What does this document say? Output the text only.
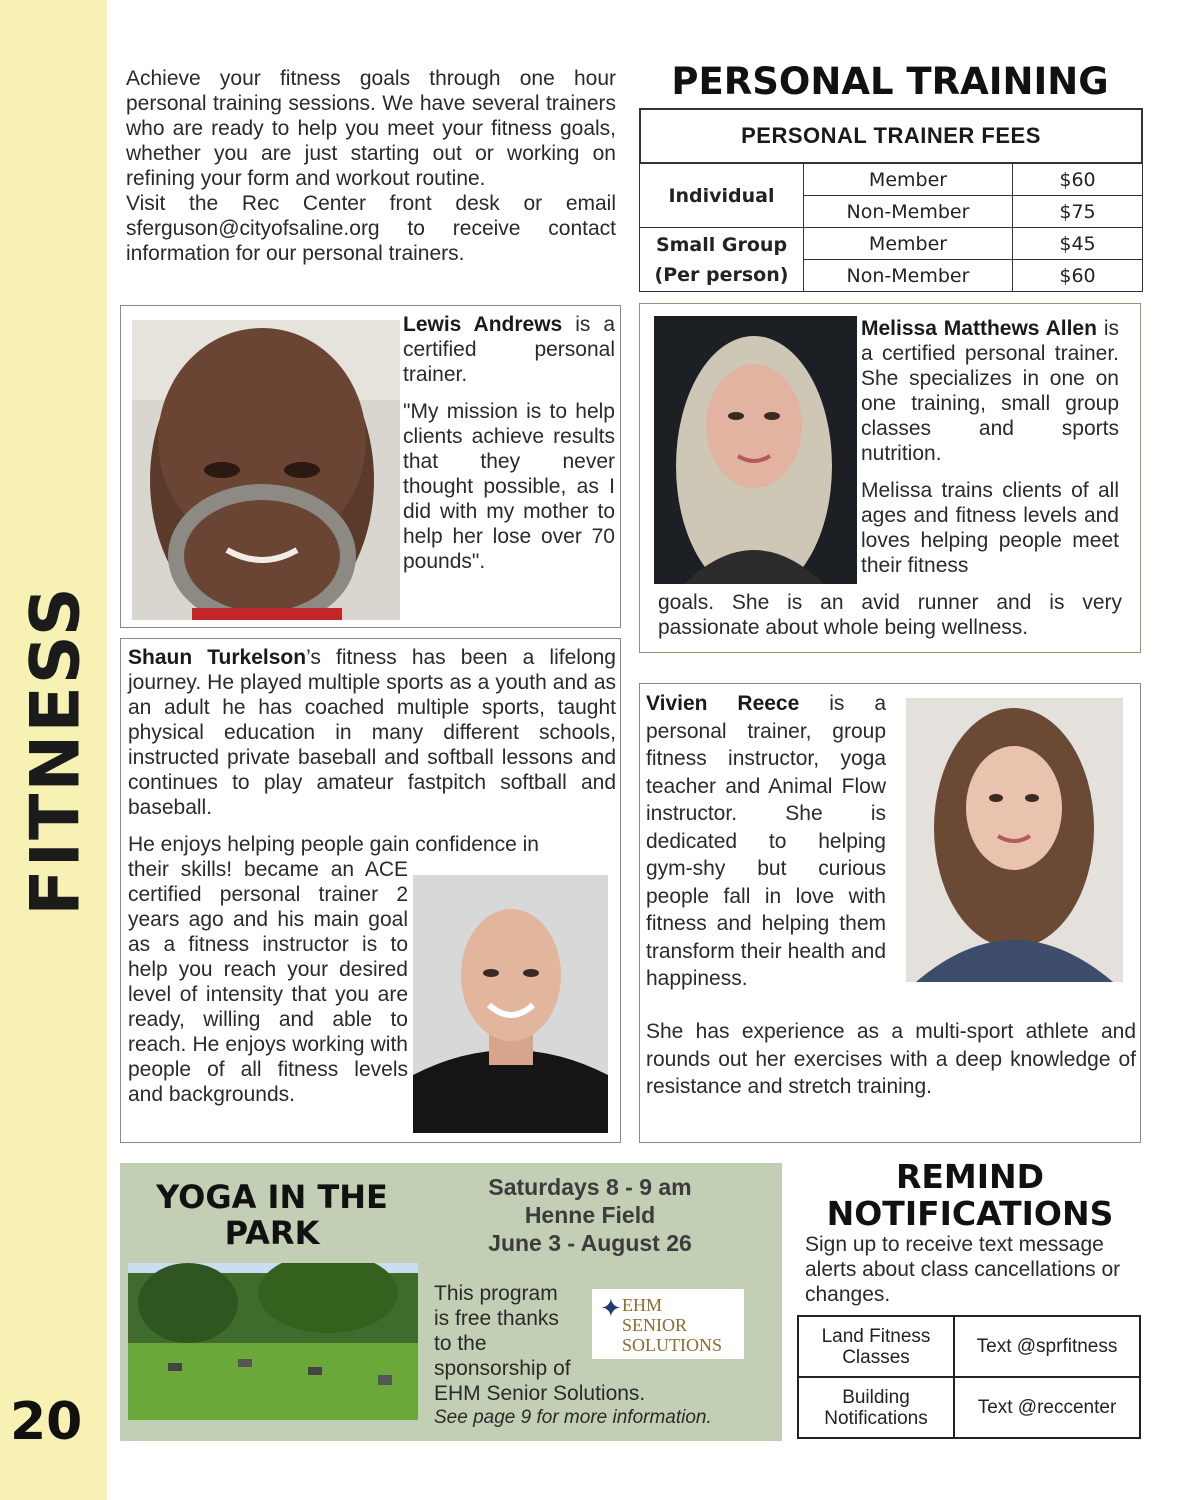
FITNESS
20

Achieve your fitness goals through one hour personal training sessions. We have several trainers who are ready to help you meet your fitness goals, whether you are just starting out or working on refining your form and workout routine.

Visit the Rec Center front desk or email sferguson@cityofsaline.org to receive contact information for our personal trainers.

PERSONAL TRAINING
PERSONAL TRAINER FEES
Individual	Member	$60
	Non-Member	$75
Small Group (Per person)	Member	$45
	Non-Member	$60

Lewis Andrews is a certified personal trainer.

"My mission is to help clients achieve results that they never thought possible, as I did with my mother to help her lose over 70 pounds".

Melissa Matthews Allen is a certified personal trainer. She specializes in one on one training, small group classes and sports nutrition.

Melissa trains clients of all ages and fitness levels and loves helping people meet their fitness

goals. She is an avid runner and is very passionate about whole being wellness.

Shaun Turkelson’s fitness has been a lifelong journey. He played multiple sports as a youth and as an adult he has coached multiple sports, taught physical education in many different schools, instructed private baseball and softball lessons and continues to play amateur fastpitch softball and baseball.

He enjoys helping people gain confidence in

their skills! became an ACE certified personal trainer 2 years ago and his main goal as a fitness instructor is to help you reach your desired level of intensity that you are ready, willing and able to reach. He enjoys working with people of all fitness levels and backgrounds.

Vivien Reece is a personal trainer, group fitness instructor, yoga teacher and Animal Flow instructor. She is dedicated to helping gym-shy but curious people fall in love with fitness and helping them transform their health and happiness.

She has experience as a multi-sport athlete and rounds out her exercises with a deep knowledge of resistance and stretch training.
YOGA IN THE PARK
Saturdays 8 - 9 am
Henne Field
June 3 - August 26
This program
is free thanks
to the
sponsorship of
EHM Senior Solutions.
See page 9 for more information.
EHM
SENIOR
SOLUTIONS
✦
REMIND NOTIFICATIONS
Sign up to receive text message alerts about class cancellations or changes.
Land Fitness Classes	Text @sprfitness
Building Notifications	Text @reccenter
